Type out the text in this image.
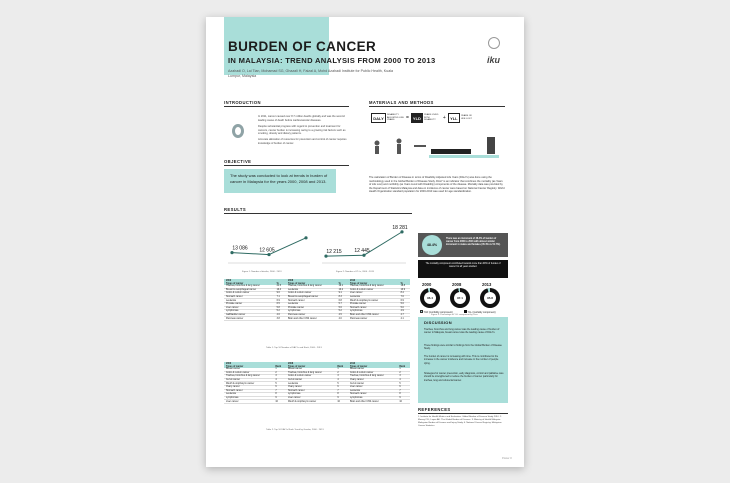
BURDEN OF CANCER
IN MALAYSIA: TREND ANALYSIS FROM 2000 TO 2013
Azahadi O, Lai Tian, Mohamad SG, Ghazali H, Faizal A, Mohd Azahadi Institute for Public Health, Kuala Lumpur, Malaysia
iku
INTRODUCTION
In 2011, cancer caused over 8.7 million deaths globally and was the second leading cause of death before cardiovascular diseases.
Despite substantial progress with regard to prevention and treatment for cancers, cancer burden is increasing owing to a growing risk factors such as smoking, obesity and dietary patterns.
Accurate allocation of resources for prevention and control of cancer requires knowledge of burden of cancer.
OBJECTIVE
The study was conducted to look at trends in burden of cancer in Malaysia for the years 2000, 2008 and 2013.
MATERIALS AND METHODS
DALY
DISABILITY ADJUSTED LIFE YEARS	=	YLD
YEARS LIVED WITH DISABILITY	+	YLL	YEARS OF LIFE LOST
The calculation of Burden of Disease in terms of Disability-Adjusted Life Years (DALYs) was done using the methodology used in the Global Burden of Disease Study. DALY is an indicator that combines the mortality (as Years of Life Lost) and morbidity (as Years Lived with Disability) components of the disease. Mortality data was provided by the Department of Statistics Malaysia and data on incidence of cancer were based on National Cancer Registry. World Health Organization standard population for 2000-2013 was used for age standardization.
RESULTS
13 086 12 605
Figure 1: Number of deaths, 2000 - 2013
12 215	12 445
18 281
Figure 2: Number of YLLs, 2000 - 2013
2000		2008		2013	
Types of cancer	%	Types of cancer	%	Types of cancer	%
Trachea, bronchus & lung cancer	21.5	Trachea, bronchus & lung cancer	19.1	Trachea, bronchus & lung cancer	18.8
Breast & oesophageal cancer	10.4	Leukemia	10.2	Colon & rectum cancer	10.9
Colon & rectum cancer	9.6	Colon & rectum cancer	9.1	Liver cancer	8.4
Stomach cancer	7.1	Breast & oesophageal cancer	8.3	Leukemia	7.6
Leukemia	6.9	Stomach cancer	6.8	Mouth & oropharynx cancer	6.9
Prostate cancer	6.5	Leukemia	5.7	Prostate cancer	5.6
Liver cancer	5.8	Prostate cancer	5.6	Stomach cancer	5.0
Lymphomas	5.2	Lymphomas	5.2	Lymphomas	4.9
Gallbladder cancer	4.6	Pancreas cancer	4.5	Brain and other CNS cancer	4.7
Pancreas cancer	3.8	Brain and other CNS cancer	4.0	Pancreas cancer	4.1
Table 1: Top 10 Number of DALYs and Rank, 2000 - 2013
2000		2008		2013	
Types of cancer	Rank	Types of cancer	Rank	Types of cancer	Rank
Breast cancer	1	Breast cancer	1	Breast cancer	1
Colon & rectum cancer	2	Trachea, bronchus & lung cancer	2	Colon & rectum cancer	2
Trachea, bronchus & lung cancer	3	Colon & rectum cancer	3	Trachea, bronchus & lung cancer	3
Cervix cancer	4	Cervix cancer	4	Ovary cancer	4
Mouth & oropharynx cancer	5	Leukemia	5	Cervix cancer	5
Ovary cancer	6	Ovary cancer	6	Liver cancer	6
Stomach cancer	7	Stomach cancer	7	Leukemia	7
Leukemia	8	Lymphomas	8	Stomach cancer	8
Lymphomas	9	Liver cancer	9	Lymphomas	9
Liver cancer	10	Mouth & oropharynx cancer	10	Brain and other CNS cancer	10
Table 2: Top 10 DALYs Rank Trend by Gender, 2000 - 2013
48.4%
There was an increment of 48.4% of burden of cancer from 2000 to 2013 with almost similar increment in males and females (45.4% vs 51.7%).
The mortality component contributed towards more than 90% of burden of cancer for all years studied.
2000	2008	2013
96.4	97.1	95.8
YLD (morbidity component)	YLL (mortality component)
Figure 3: Percentage of YLL component by Year
DISCUSSION
Trachea, bronchus and lung cancer was the leading cause of burden of cancer in Malaysia, breast cancer was the leading cause of DALYs.
These findings were similar to findings from the Global Burden of Disease Study.
The burden of cancer is increasing with time. This is contributed to the increase in the cancer incidence and increase in the number of people dying.
Strategies for cancer prevention, early diagnosis, control and palliative care should be strengthened to reduce the burden of cancer particularly for trachea, lung and colorectal cancer.
REFERENCES
1. Institute for Health Metrics and Evaluation. Global Burden of Disease Study 2010. 2. Murray CJL, Lopez AD. The Global Burden of Disease. 3. Ministry of Health Malaysia. Malaysian Burden of Disease and Injury Study. 4. National Cancer Registry. Malaysian Cancer Statistics.
Poster #
